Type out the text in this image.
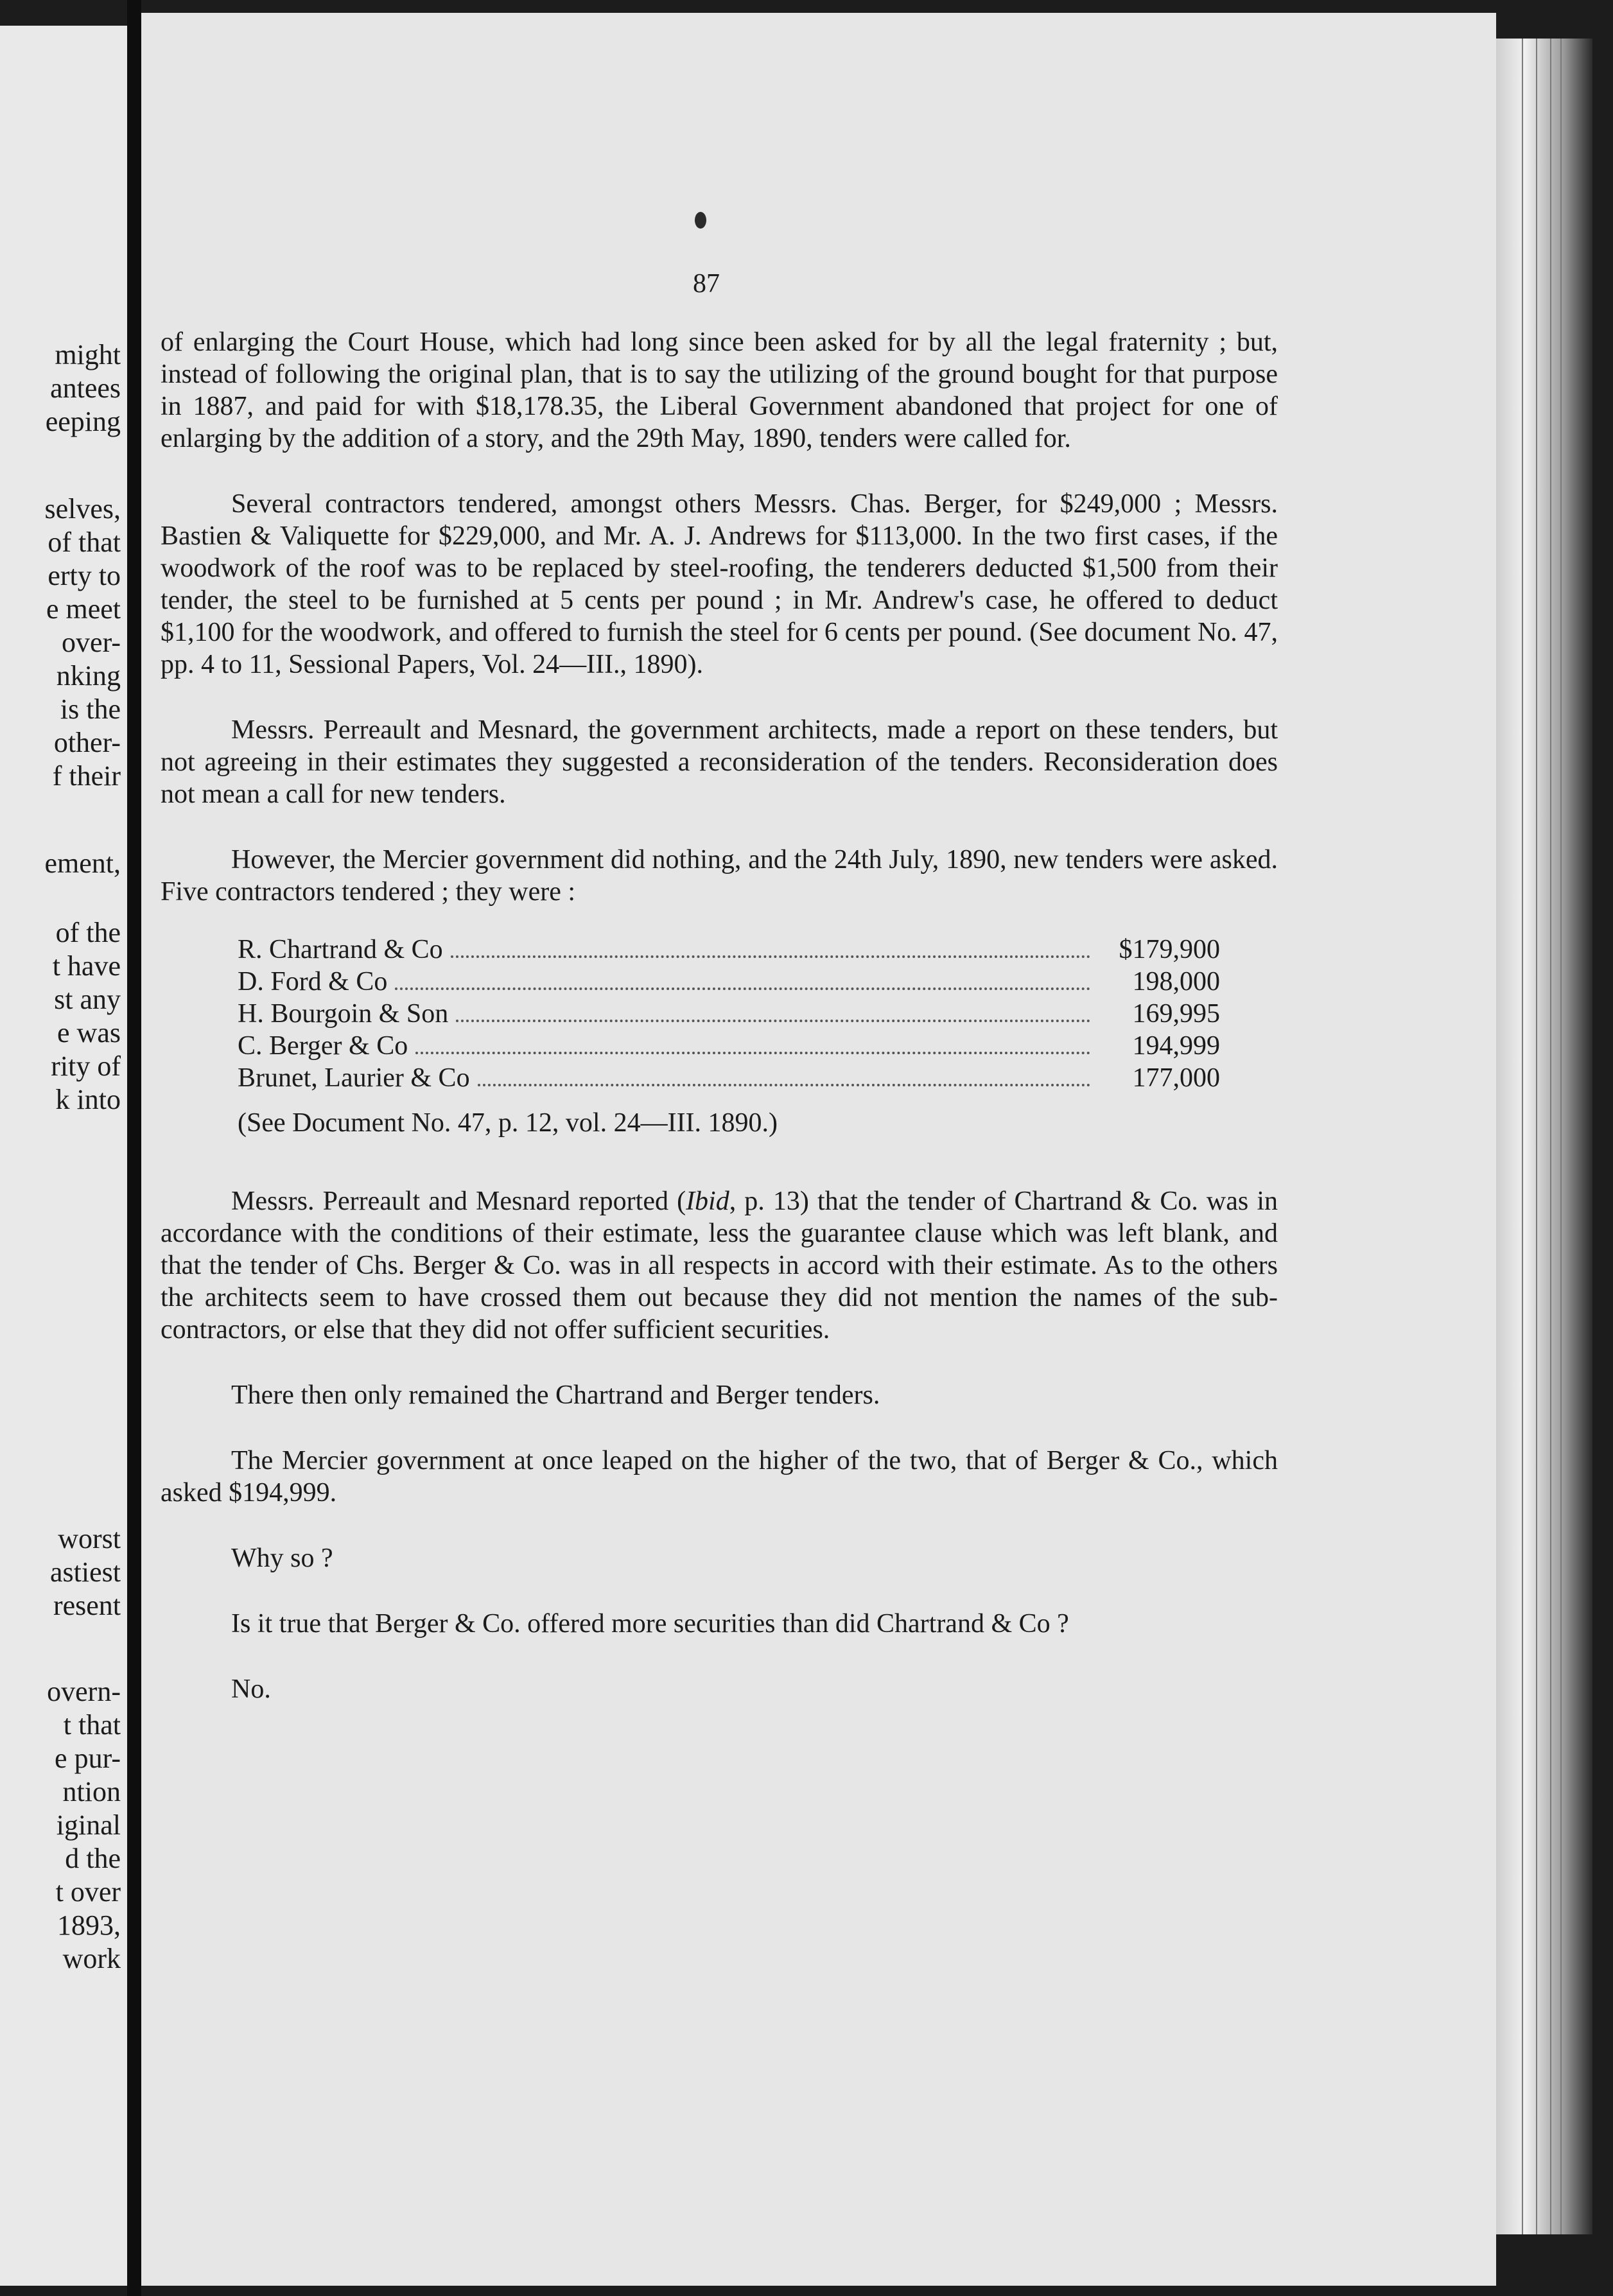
might
antees
eeping
selves,
of that
erty to
e meet
over-
nking
is the
other-
f their
ement,
of the
t have
st any
e was
rity of
k into
worst
astiest
resent
overn-
t that
e pur-
ntion
iginal
d the
t over
1893,
work
87

of enlarging the Court House, which had long since been asked for by all the legal fraternity ; but, instead of following the original plan, that is to say the utilizing of the ground bought for that purpose in 1887, and paid for with $18,178.35, the Liberal Government abandoned that project for one of enlarging by the addition of a story, and the 29th May, 1890, tenders were called for.

Several contractors tendered, amongst others Messrs. Chas. Berger, for $249,000 ; Messrs. Bastien & Valiquette for $229,000, and Mr. A. J. Andrews for $113,000. In the two first cases, if the woodwork of the roof was to be replaced by steel-roofing, the tenderers deducted $1,500 from their tender, the steel to be furnished at 5 cents per pound ; in Mr. Andrew's case, he offered to deduct $1,100 for the woodwork, and offered to furnish the steel for 6 cents per pound. (See document No. 47, pp. 4 to 11, Sessional Papers, Vol. 24—III., 1890).

Messrs. Perreault and Mesnard, the government architects, made a report on these tenders, but not agreeing in their estimates they suggested a reconsideration of the tenders. Reconsideration does not mean a call for new tenders.

However, the Mercier government did nothing, and the 24th July, 1890, new tenders were asked. Five contractors tendered ; they were :

R. Chartrand & Co	$179,900
D. Ford & Co	198,000
H. Bourgoin & Son	169,995
C. Berger & Co	194,999
Brunet, Laurier & Co	177,000
(See Document No. 47, p. 12, vol. 24—III. 1890.)

Messrs. Perreault and Mesnard reported (Ibid, p. 13) that the tender of Chartrand & Co. was in accordance with the conditions of their estimate, less the guarantee clause which was left blank, and that the tender of Chs. Berger & Co. was in all respects in accord with their estimate. As to the others the architects seem to have crossed them out because they did not mention the names of the sub-contractors, or else that they did not offer sufficient securities.

There then only remained the Chartrand and Berger tenders.

The Mercier government at once leaped on the higher of the two, that of Berger & Co., which asked $194,999.

Why so ?

Is it true that Berger & Co. offered more securities than did Chartrand & Co ?

No.
